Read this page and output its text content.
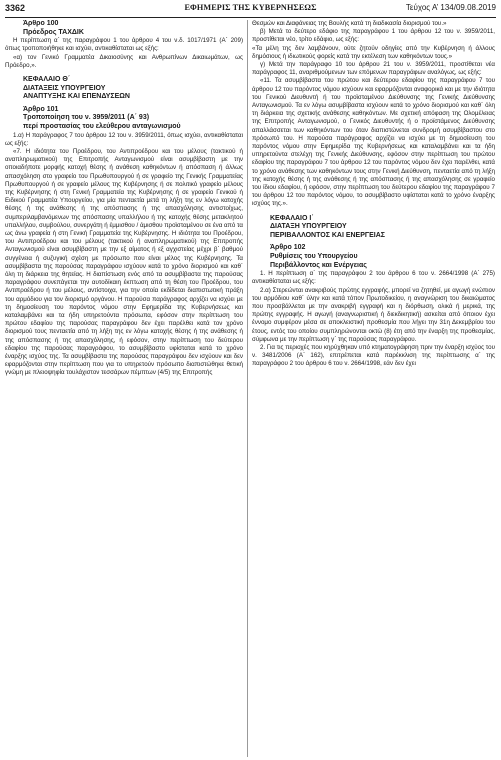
3362	ΕΦΗΜΕΡΙΣ ΤΗΣ ΚΥΒΕΡΝΗΣΕΩΣ	Τεύχος Α’ 134/09.08.2019
Άρθρο 100
Πρόεδρος ΤΑΧΔΙΚ

Η περίπτωση α΄ της παραγράφου 1 του άρθρου 4 του ν.δ. 1017/1971 (Α΄ 209) όπως τροποποιήθηκε και ισχύει, αντικαθίσταται ως εξής:

«α) τον Γενικό Γραμματέα Δικαιοσύνης και Ανθρωπίνων Δικαιωμάτων, ως Πρόεδρο,».

ΚΕΦΑΛΑΙΟ Θ΄
ΔΙΑΤΑΞΕΙΣ ΥΠΟΥΡΓΕΙΟΥ
ΑΝΑΠΤΥΞΗΣ ΚΑΙ ΕΠΕΝΔΥΣΕΩΝ
Άρθρο 101
Τροποποίηση του ν. 3959/2011 (Α΄ 93)
περί προστασίας του ελεύθερου ανταγωνισμού

1.α) Η παράγραφος 7 του άρθρου 12 του ν. 3959/2011, όπως ισχύει, αντικαθίσταται ως εξής:

«7. Η ιδιότητα του Προέδρου, του Αντιπροέδρου και του μέλους (τακτικού ή αναπληρωματικού) της Επιτροπής Ανταγωνισμού είναι ασυμβίβαστη με την οποιαδήποτε μορφής κατοχή θέσης ή ανάθεση καθηκόντων ή απόσπαση ή άλλως απασχόληση στο γραφείο του Πρωθυπουργού ή σε γραφείο της Γενικής Γραμματείας Πρωθυπουργού ή σε γραφείο μέλους της Κυβέρνησης ή σε πολιτικό γραφείο μέλους της Κυβέρνησης ή στη Γενική Γραμματεία της Κυβέρνησης ή σε γραφείο Γενικού ή Ειδικού Γραμματέα Υπουργείου, για μία πενταετία μετά τη λήξη της εν λόγω κατοχής θέσης ή της ανάθεσης ή της απόσπασης ή της απασχόλησης αντιστοίχως, συμπεριλαμβανόμενων της απόσπασης υπαλλήλου ή της κατοχής θέσης μετακλητού υπαλλήλου, συμβούλου, συνεργάτη ή έμμισθου / άμισθου προϊσταμένου σε ένα από τα ως άνω γραφεία ή στη Γενική Γραμματεία της Κυβέρνησης. Η ιδιότητα του Προέδρου, του Αντιπροέδρου και του μέλους (τακτικού ή αναπληρωματικού) της Επιτροπής Ανταγωνισμού είναι ασυμβίβαστη με την εξ αίματος ή εξ αγχιστείας μέχρι β΄ βαθμού συγγένεια ή συζυγική σχέση με πρόσωπο που είναι μέλος της Κυβέρνησης. Τα ασυμβίβαστα της παρούσας παραγράφου ισχύουν κατά το χρόνο διορισμού και καθ΄ όλη τη διάρκεια της θητείας. Η διαπίστωση ενός από τα ασυμβίβαστα της παρούσας παραγράφου συνεπάγεται την αυτοδίκαιη έκπτωση από τη θέση του Προέδρου, του Αντιπροέδρου ή του μέλους, αντίστοιχα, για την οποία εκδίδεται διαπιστωτική πράξη του αρμόδιου για τον διορισμό οργάνου. Η παρούσα παράγραφος αρχίζει να ισχύει με τη δημοσίευση του παρόντος νόμου στην Εφημερίδα της Κυβερνήσεως και καταλαμβάνει και τα ήδη υπηρετούντα πρόσωπα, εφόσον στην περίπτωση του πρώτου εδαφίου της παρούσας παραγράφου δεν έχει παρέλθει κατά τον χρόνο διορισμού τους πενταετία από τη λήξη της εν λόγω κατοχής θέσης ή της ανάθεσης ή της απόσπασης ή της απασχόλησης, ή εφόσον, στην περίπτωση του δεύτερου εδαφίου της παρούσας παραγράφου, το ασυμβίβαστο υφίσταται κατά το χρόνο έναρξης ισχύος της. Τα ασυμβίβαστα της παρούσας παραγράφου δεν ισχύουν και δεν εφαρμόζονται στην περίπτωση που για το υπηρετούν πρόσωπο διαπιστώθηκε θετική γνώμη με πλειοψηφία τουλάχιστον τεσσάρων πέμπτων (4/5) της Επιτροπής

Θεσμών και Διαφάνειας της Βουλής κατά τη διαδικασία διορισμού του.»

β) Μετά το δεύτερο εδάφιο της παραγράφου 1 του άρθρου 12 του ν. 3959/2011, προστίθεται νέο, τρίτο εδάφιο, ως εξής:

«Τα μέλη της δεν λαμβάνουν, ούτε ζητούν οδηγίες από την Κυβέρνηση ή άλλους δημόσιους ή ιδιωτικούς φορείς κατά την εκτέλεση των καθηκόντων τους.»

γ) Μετά την παράγραφο 10 του άρθρου 21 του ν. 3959/2011, προστίθεται νέα παράγραφος 11, αναριθμούμενων των επόμενων παραγράφων αναλόγως, ως εξής:

«11. Τα ασυμβίβαστα του πρώτου και δεύτερου εδαφίου της παραγράφου 7 του άρθρου 12 του παρόντος νόμου ισχύουν και εφαρμόζονται αναφορικά και με την ιδιότητα του Γενικού Διευθυντή ή του προϊσταμένου Διεύθυνσης της Γενικής Διεύθυνσης Ανταγωνισμού. Τα εν λόγω ασυμβίβαστα ισχύουν κατά το χρόνο διορισμού και καθ΄ όλη τη διάρκεια της σχετικής ανάθεσης καθηκόντων. Με σχετική απόφαση της Ολομέλειας της Επιτροπής Ανταγωνισμού, ο Γενικός Διευθυντής ή ο προϊστάμενος Διεύθυνσης απαλλάσσεται των καθηκόντων του όταν διαπιστώνεται συνδρομή ασυμβίβαστου στο πρόσωπό του. Η παρούσα παράγραφος αρχίζει να ισχύει με τη δημοσίευση του παρόντος νόμου στην Εφημερίδα της Κυβερνήσεως και καταλαμβάνει και τα ήδη υπηρετούντα στελέχη της Γενικής Διεύθυνσης, εφόσον στην περίπτωση του πρώτου εδαφίου της παραγράφου 7 του άρθρου 12 του παρόντος νόμου δεν έχει παρέλθει, κατά το χρόνο ανάθεσης των καθηκόντων τους στην Γενική Διεύθυνση, πενταετία από τη λήξη της κατοχής θέσης ή της ανάθεσης ή της απόσπασης ή της απασχόλησης σε γραφείο του ίδιου εδαφίου, ή εφόσον, στην περίπτωση του δεύτερου εδαφίου της παραγράφου 7 του άρθρου 12 του παρόντος νόμου, το ασυμβίβαστο υφίσταται κατά το χρόνο έναρξης ισχύος της.».

ΚΕΦΑΛΑΙΟ Ι΄
ΔΙΑΤΑΞΗ ΥΠΟΥΡΓΕΙΟΥ
ΠΕΡΙΒΑΛΛΟΝΤΟΣ ΚΑΙ ΕΝΕΡΓΕΙΑΣ
Άρθρο 102
Ρυθμίσεις του Υπουργείου
Περιβάλλοντος και Ενέργειας

1. Η περίπτωση α΄ της παραγράφου 2 του άρθρου 6 του ν. 2664/1998 (Α΄ 275) αντικαθίσταται ως εξής:

2.α) Στερεώνται ανακριβούς πρώτης εγγραφής, μπορεί να ζητηθεί, με αγωγή ενώπιον του αρμόδιου καθ΄ ύλην και κατά τόπον Πρωτοδικείου, η αναγνώριση του δικαιώματος που προσβάλλεται με την ανακριβή εγγραφή και η διόρθωση, ολικά ή μερικά, της πρώτης εγγραφής. Η αγωγή (αναγνωριστική ή διεκδικητική) ασκείται από όποιον έχει έννομο συμφέρον μέσα σε αποκλειστική προθεσμία που λήγει την 31η Δεκεμβρίου του έτους, εντός του οποίου συμπληρώνονται οκτώ (8) έτη από την έναρξη της προθεσμίας, σύμφωνα με την περίπτωση γ΄ της παρούσας παραγράφου.

2. Για τις περιοχές που κηρύχθηκαν υπό κτηματογράφηση πριν την έναρξη ισχύος του ν. 3481/2006 (Α΄ 162), επιτρέπεται κατά παρέκκλιση της περίπτωσης α΄ της παραγράφου 2 του άρθρου 6 του ν. 2664/1998, εάν δεν έχει
